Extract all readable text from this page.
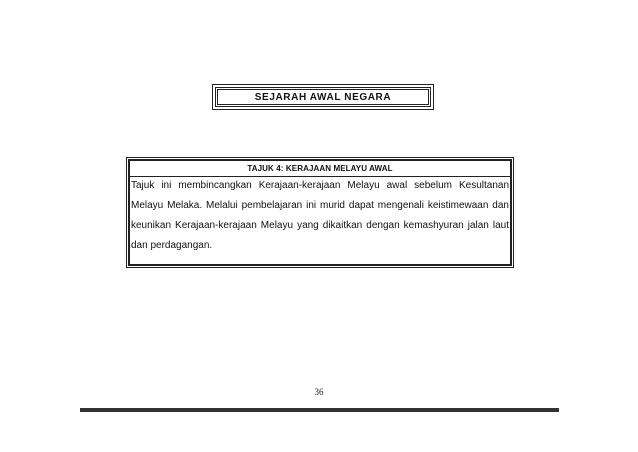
SEJARAH AWAL NEGARA
TAJUK 4: KERAJAAN MELAYU AWAL
Tajuk ini membincangkan Kerajaan-kerajaan Melayu awal sebelum Kesultanan Melayu Melaka. Melalui pembelajaran ini murid dapat mengenali keistimewaan dan keunikan Kerajaan-kerajaan Melayu yang dikaitkan dengan kemashyuran jalan laut dan perdagangan.
36
